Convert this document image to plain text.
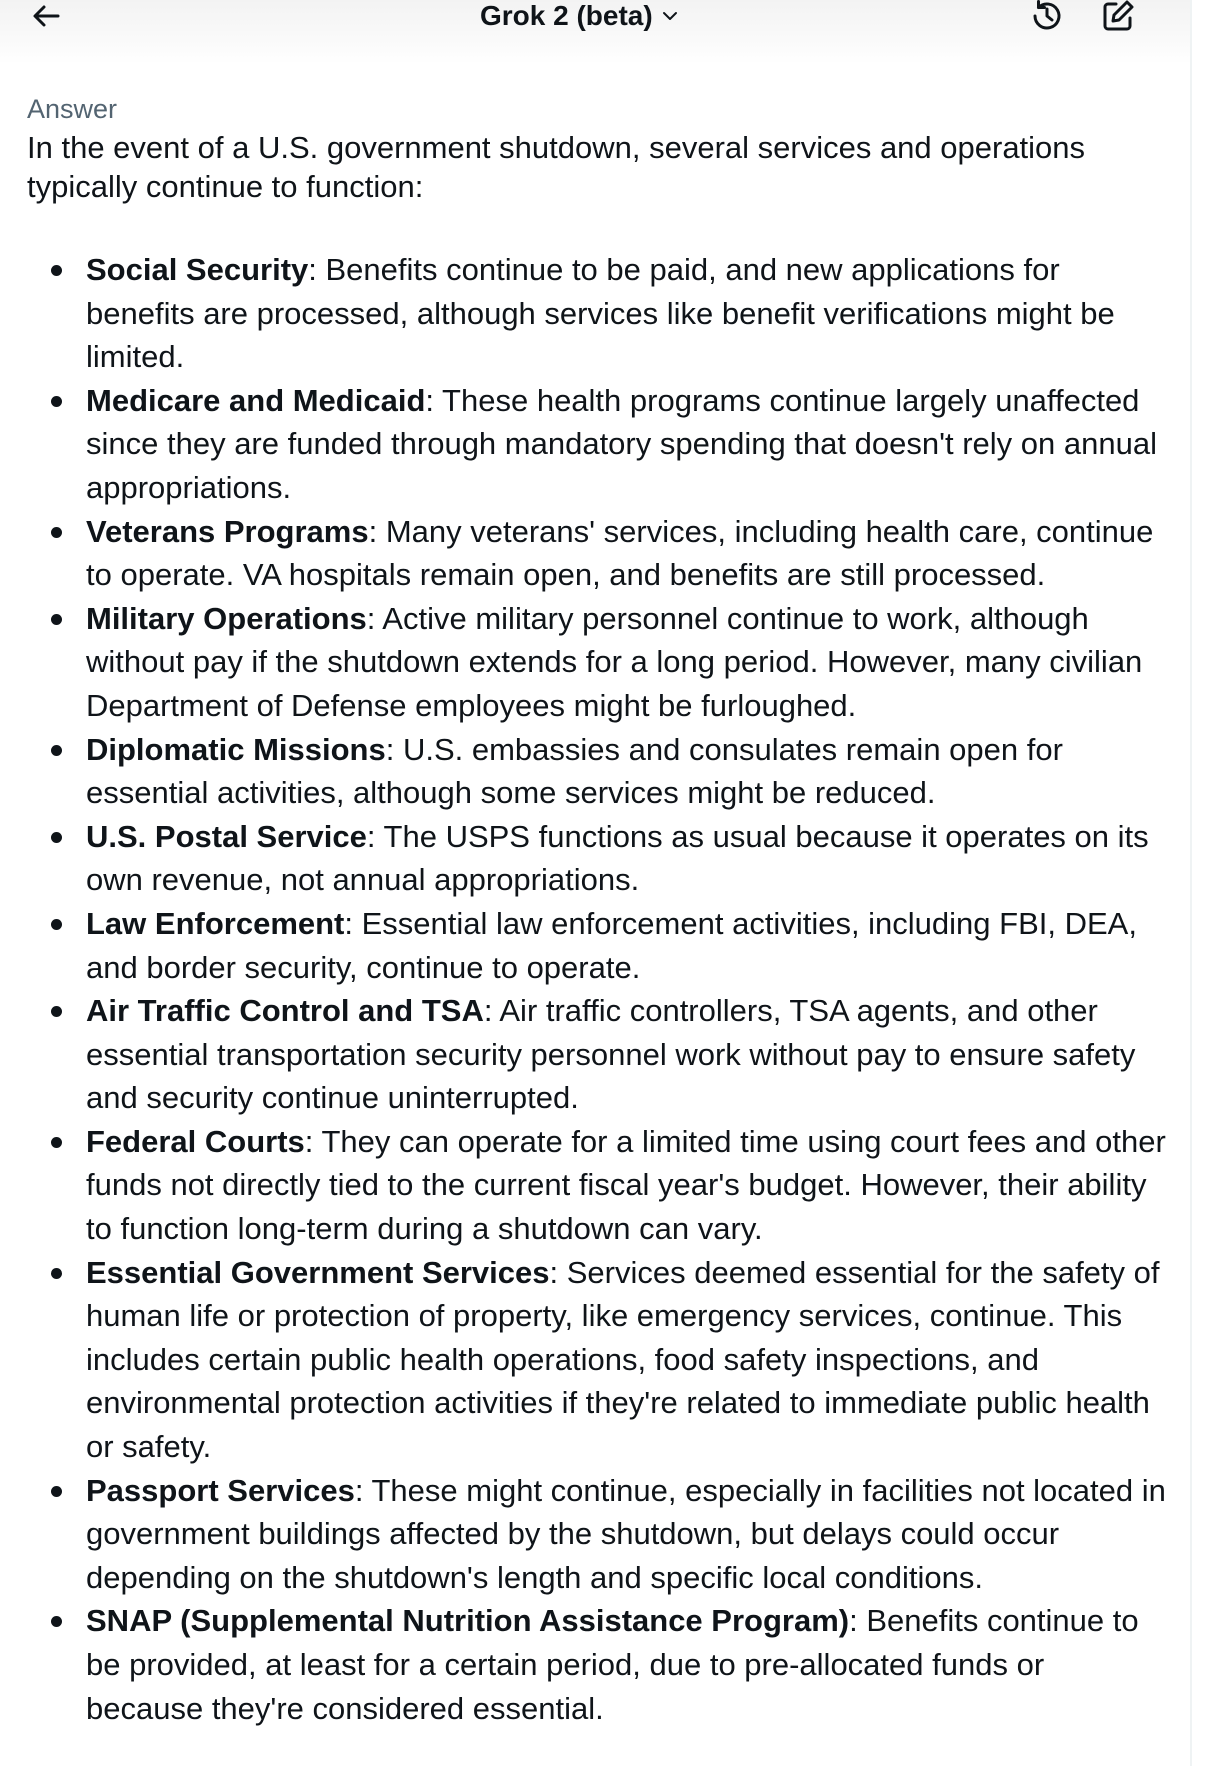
Grok 2 (beta)

Answer

In the event of a U.S. government shutdown, several services and operations typically continue to function:

Social Security: Benefits continue to be paid, and new applications for benefits are processed, although services like benefit verifications might be limited.
Medicare and Medicaid: These health programs continue largely unaffected since they are funded through mandatory spending that doesn't rely on annual appropriations.
Veterans Programs: Many veterans' services, including health care, continue to operate. VA hospitals remain open, and benefits are still processed.
Military Operations: Active military personnel continue to work, although without pay if the shutdown extends for a long period. However, many civilian Department of Defense employees might be furloughed.
Diplomatic Missions: U.S. embassies and consulates remain open for essential activities, although some services might be reduced.
U.S. Postal Service: The USPS functions as usual because it operates on its own revenue, not annual appropriations.
Law Enforcement: Essential law enforcement activities, including FBI, DEA, and border security, continue to operate.
Air Traffic Control and TSA: Air traffic controllers, TSA agents, and other essential transportation security personnel work without pay to ensure safety and security continue uninterrupted.
Federal Courts: They can operate for a limited time using court fees and other funds not directly tied to the current fiscal year's budget. However, their ability to function long-term during a shutdown can vary.
Essential Government Services: Services deemed essential for the safety of human life or protection of property, like emergency services, continue. This includes certain public health operations, food safety inspections, and environmental protection activities if they're related to immediate public health or safety.
Passport Services: These might continue, especially in facilities not located in government buildings affected by the shutdown, but delays could occur depending on the shutdown's length and specific local conditions.
SNAP (Supplemental Nutrition Assistance Program): Benefits continue to be provided, at least for a certain period, due to pre-allocated funds or because they're considered essential.
